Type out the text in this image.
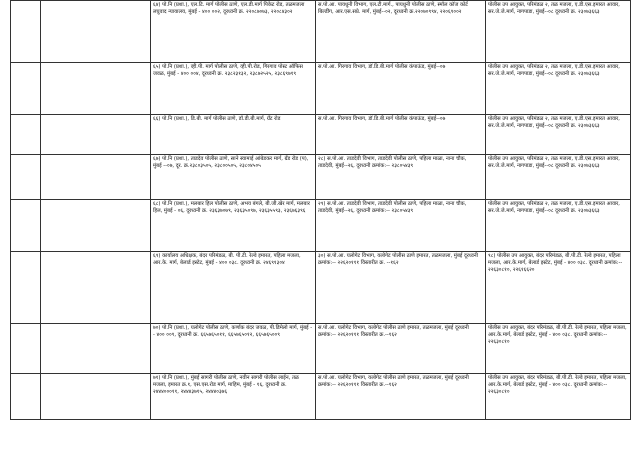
		६४) पो.नि (प्रशा.), एल.टि. मार्ग पोलीस ठाणे, एल.डी.मार्ग पिकेट रोड, तळमजला लघुवाद न्यायालय, मुंबई - ४०० ००२, दूरध्वनी क्र. २२०८७०७३, २२०८४३०२	स.पो.आ. पायधुनी विभाग, एल.टी.मार्ग., पायधुनी पोलीस ठाणे, स्मॉल कॉज कोर्ट बिल्डींग, आर.एस.सप्रे. मार्ग, मुंबई--०२, दूरध्वनी क्र.२२०७०९९४, २२०६९००२	पोलीस उप आयुक्त, परिमंडळ २, तळ मजला, ए.डी.एस.इमारत आवार, सर.जे.जे.मार्ग, नागपाडा, मुंबई--०८ दूरध्वनी क्र. २३०७३६६३
		६५) पो.नि (प्रशा.), व्ही.पी. मार्ग पोलीस ठाणे, व्ही.पी.रोड, गिरगाव पोस्ट ऑफिस जवळ, मुंबई - ४०० ००४, दूरध्वनी क्र. २३८२३१३२, २३८७२५२५, २३८६९७१९	स.पो.आ. गिरगाव विभाग, डॉ.डि.बी.मार्ग पोलीस कंपाऊंड, मुंबई--०७	पोलीस उप आयुक्त, परिमंडळ २, तळ मजला, ए.डी.एस.इमारत आवार, सर.जे.जे.मार्ग, नागपाडा, मुंबई--०८ दूरध्वनी क्र. २३०७३६६३
		६६) पो.नि (प्रशा.), डि.बी. मार्ग पोलीस ठाणे, डॉ.डी.बी.मार्ग, ग्रँट रोड	स.पो.आ. गिरगाव विभाग, डॉ.डि.बी.मार्ग पोलीस कंपाऊंड, मुंबई--०७	पोलीस उप आयुक्त, परिमंडळ २, तळ मजला, ए.डी.एस.इमारत आवार, सर.जे.जे.मार्ग, नागपाडा, मुंबई--०८ दूरध्वनी क्र. २३०७३६६३
		६७) पो.नि (प्रशा.), ताडदेव पोलीस ठाणे, साने स्वामाई आंबेडकर मार्ग, ग्रँड रोड (प), मुंबई --०७, दूर. क्र.२३८०३५०५, २३८००५०५, २३८०४५०५	२८) स.पो.आ. ताडदेवी विभाग, ताडदेवी पोलीस ठाणे, पहिला माळा, नाना चौक, ताडदेवी, मुंबई--२६, दूरध्वनी क्रमांक:-- २३८०५४३९	पोलीस उप आयुक्त, परिमंडळ २, तळ मजला, ए.डी.एस.इमारत आवार, सर.जे.जे.मार्ग, नागपाडा, मुंबई--०८ दूरध्वनी क्र. २३०७३६६३
		६८) पो.नि (प्रशा.), मलबार हिल पोलीस ठाणे, अभय बंगले, बी.जी.खेर मार्ग, मलबार हिल, मुंबई - ०६, दूरध्वनी क्र. २३६३७०७९, २३६३५०९७, २३६३५५९३, २३६७६३९६	२९) स.पो.आ. ताडदेवी विभाग, ताडदेवी पोलीस ठाणे, पहिला माळा, नाना चौक, ताडदेवी, मुंबई--२६, दूरध्वनी क्रमांक:-- २३८०५४३९	पोलीस उप आयुक्त, परिमंडळ २, तळ मजला, ए.डी.एस.इमारत आवार, सर.जे.जे.मार्ग, नागपाडा, मुंबई--०८ दूरध्वनी क्र. २३०७३६६३
		६९) कार्यालय अधिक्षक, बंदर परिमंडळ, बी. पी.टी. रेल्वे इमारत, पहिला मजला, आर.के. मार्ग, बेलार्ड इस्टेट, मुंबई - ४०० ०३८. दूरध्वनी क्र. २४६९१३०४	३०) स.पो.आ. यलोगेट विभाग, यलोगेट पोलीस ठाणे इमारत, तळमजला, मुंबई दूरध्वनी क्रमांक:-- २२६२०१११ विस्तारीत क्र. --१६२	९८) पोलीस उप आयुक्त, बंदर परिमंडळ, बी.पी.टी. रेल्वे इमारत, पहिला मजला, आर.के.मार्ग, बेलार्ड इस्टेट, मुंबई - ४०० ०३८. दूरध्वनी क्रमांक:-- २२६३०८१०, २२६१६६२०
		७०) पो.नि (प्रशा.), यलोगेट पोलीस ठाणे, कर्णाक बंदर जवळ, पी.डिमेलो मार्ग, मुंबई -- ४०० ००९, दूरध्वनी क्र. ६६५७६५०११, ६६५७६५०१२, ६६५७६५००९	स.पो.आ. यलोगेट विभाग, यलोगेट पोलीस ठाणे इमारत, तळमजला, मुंबई दूरध्वनी क्रमांक:-- २२६२०१११ विस्तारीत क्र.--१६२	पोलीस उप आयुक्त, बंदर परिमंडळ, बी.पी.टी. रेल्वे इमारत, पहिला मजला, आर.के.मार्ग, बेलार्ड इस्टेट, मुंबई - ४०० ०३८. दूरध्वनी क्रमांक:-- २२६३०८१०
		७१) पो.नि (प्रशा.), मुंबई सागरी पोलीस ठाणे, नवीन सागरी पोलीस लाईन, तळ मजला, इमारत क्र.१, एस.एस.रोड मार्ग, माहिम, मुंबई - १६, दूरध्वनी क्र. २४४४०००११, २४४४३७१५, २४४४०३७६	स.पो.आ. यलोगेट विभाग, यलोगेट पोलीस ठाणे इमारत, तळमजला, मुंबई दूरध्वनी क्रमांक:-- २२६२०१११ विस्तारीत क्र.--१६२	पोलीस उप आयुक्त, बंदर परिमंडळ, बी.पी.टी. रेल्वे इमारत, पहिला मजला, आर.के.मार्ग, बेलार्ड इस्टेट, मुंबई - ४०० ०३८. दूरध्वनी क्रमांक:-- २२६३०८१०
